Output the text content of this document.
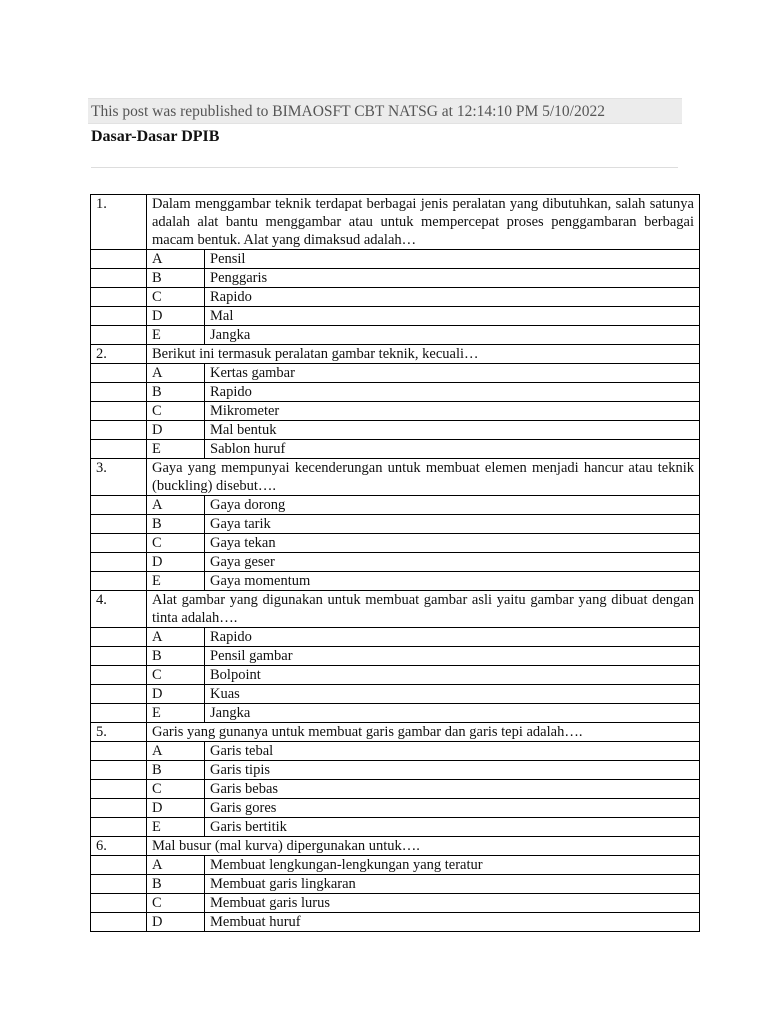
This post was republished to BIMAOSFT CBT NATSG at 12:14:10 PM 5/10/2022
Dasar-Dasar DPIB
1.	Dalam menggambar teknik terdapat berbagai jenis peralatan yang dibutuhkan, salah satunya adalah alat bantu menggambar atau untuk mempercepat proses penggambaran berbagai macam bentuk. Alat yang dimaksud adalah…	
	A	Pensil
	B	Penggaris
	C	Rapido
	D	Mal
	E	Jangka
2.	Berikut ini termasuk peralatan gambar teknik, kecuali…	
	A	Kertas gambar
	B	Rapido
	C	Mikrometer
	D	Mal bentuk
	E	Sablon huruf
3.	Gaya yang mempunyai kecenderungan untuk membuat elemen menjadi hancur atau teknik (buckling) disebut….	
	A	Gaya dorong
	B	Gaya tarik
	C	Gaya tekan
	D	Gaya geser
	E	Gaya momentum
4.	Alat gambar yang digunakan untuk membuat gambar asli yaitu gambar yang dibuat dengan tinta adalah….	
	A	Rapido
	B	Pensil gambar
	C	Bolpoint
	D	Kuas
	E	Jangka
5.	Garis yang gunanya untuk membuat garis gambar dan garis tepi adalah….	
	A	Garis tebal
	B	Garis tipis
	C	Garis bebas
	D	Garis gores
	E	Garis bertitik
6.	Mal busur (mal kurva) dipergunakan untuk….	
	A	Membuat lengkungan-lengkungan yang teratur
	B	Membuat garis lingkaran
	C	Membuat garis lurus
	D	Membuat huruf
